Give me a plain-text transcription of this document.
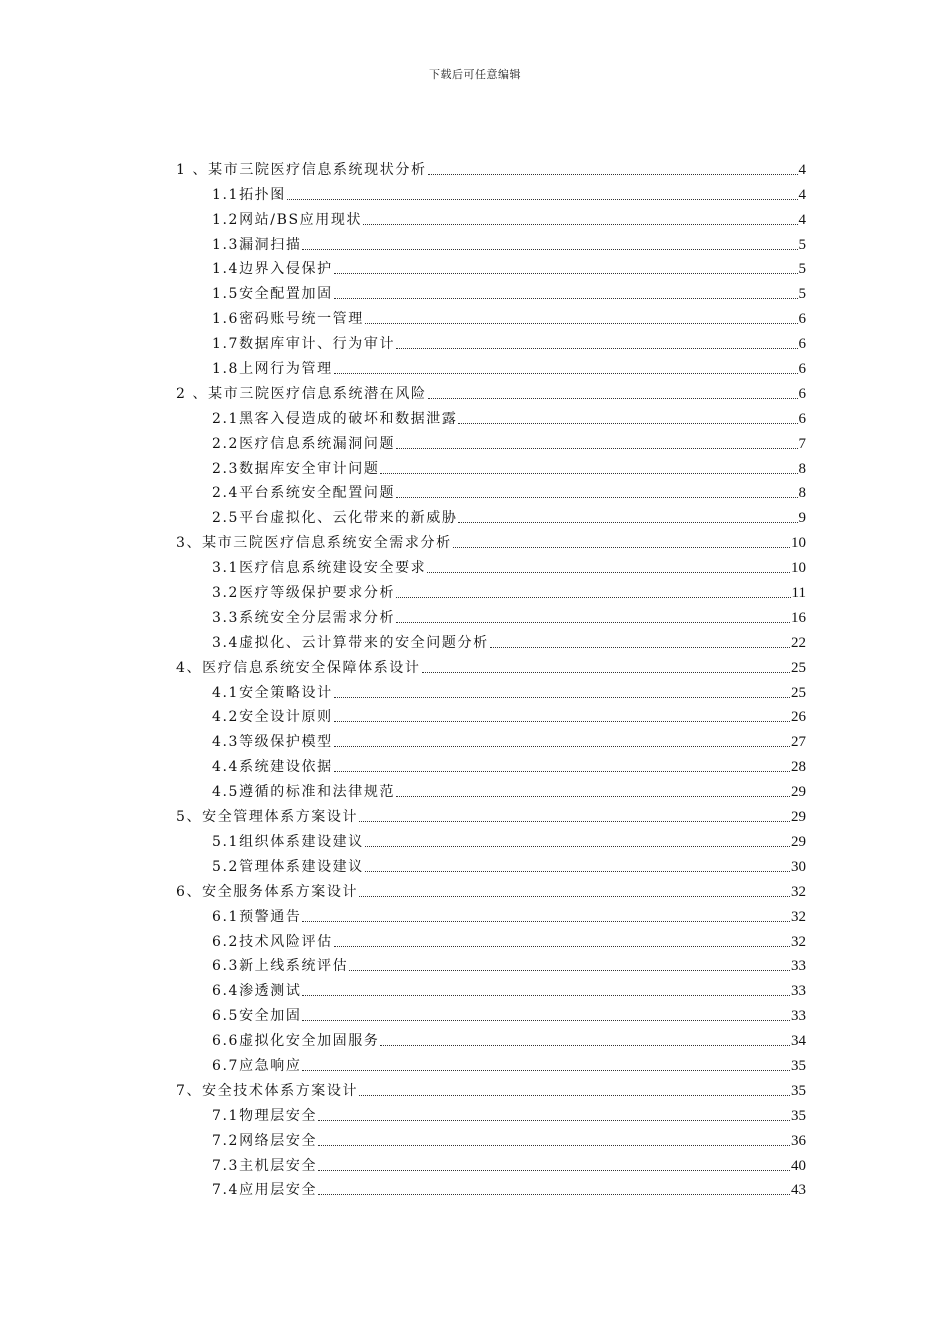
下载后可任意编辑
1 、某市三院医疗信息系统现状分析	4
1.1拓扑图	4
1.2网站/BS应用现状	4
1.3漏洞扫描	5
1.4边界入侵保护	5
1.5安全配置加固	5
1.6密码账号统一管理	6
1.7数据库审计、行为审计	6
1.8上网行为管理	6
2 、某市三院医疗信息系统潜在风险	6
2.1黑客入侵造成的破坏和数据泄露	6
2.2医疗信息系统漏洞问题	7
2.3数据库安全审计问题	8
2.4平台系统安全配置问题	8
2.5平台虚拟化、云化带来的新威胁	9
3、某市三院医疗信息系统安全需求分析	10
3.1医疗信息系统建设安全要求	10
3.2医疗等级保护要求分析	11
3.3系统安全分层需求分析	16
3.4虚拟化、云计算带来的安全问题分析	22
4、医疗信息系统安全保障体系设计	25
4.1安全策略设计	25
4.2安全设计原则	26
4.3等级保护模型	27
4.4系统建设依据	28
4.5遵循的标准和法律规范	29
5、安全管理体系方案设计	29
5.1组织体系建设建议	29
5.2管理体系建设建议	30
6、安全服务体系方案设计	32
6.1预警通告	32
6.2技术风险评估	32
6.3新上线系统评估	33
6.4渗透测试	33
6.5安全加固	33
6.6虚拟化安全加固服务	34
6.7应急响应	35
7、安全技术体系方案设计	35
7.1物理层安全	35
7.2网络层安全	36
7.3主机层安全	40
7.4应用层安全	43
